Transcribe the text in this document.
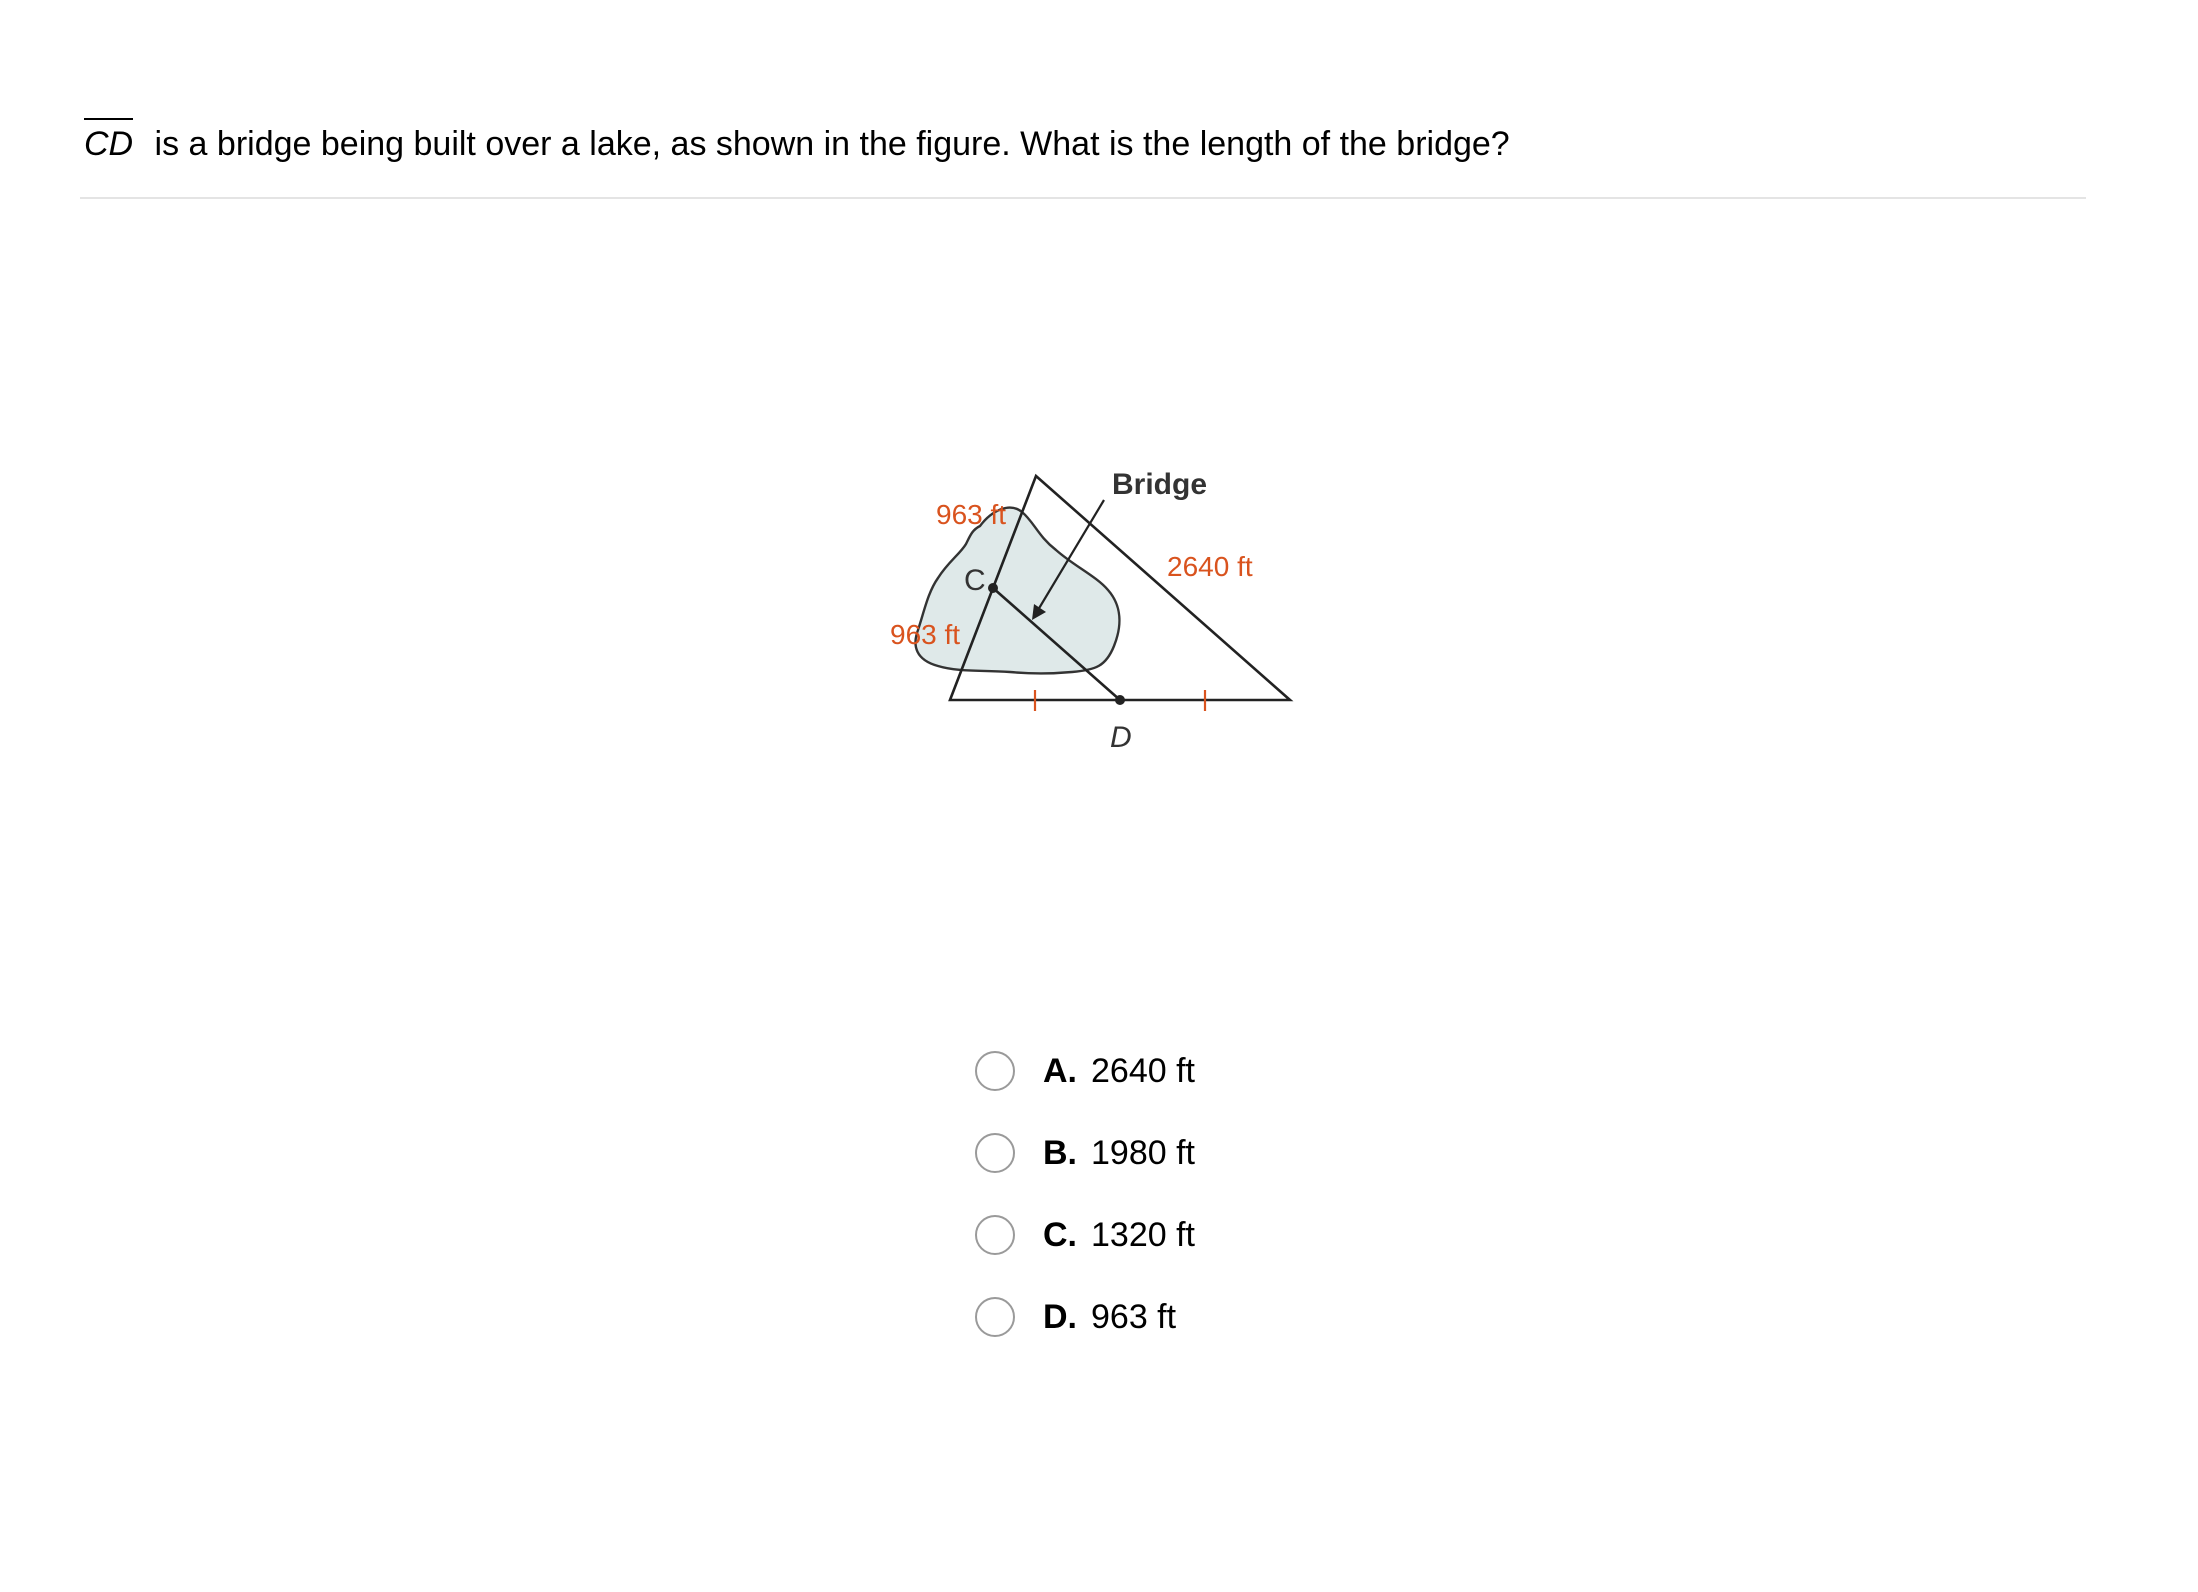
CD is a bridge being built over a lake, as shown in the figure. What is the length of the bridge?
Bridge
963 ft
963 ft
2640 ft
C
D
A. 2640 ft
B. 1980 ft
C. 1320 ft
D. 963 ft
